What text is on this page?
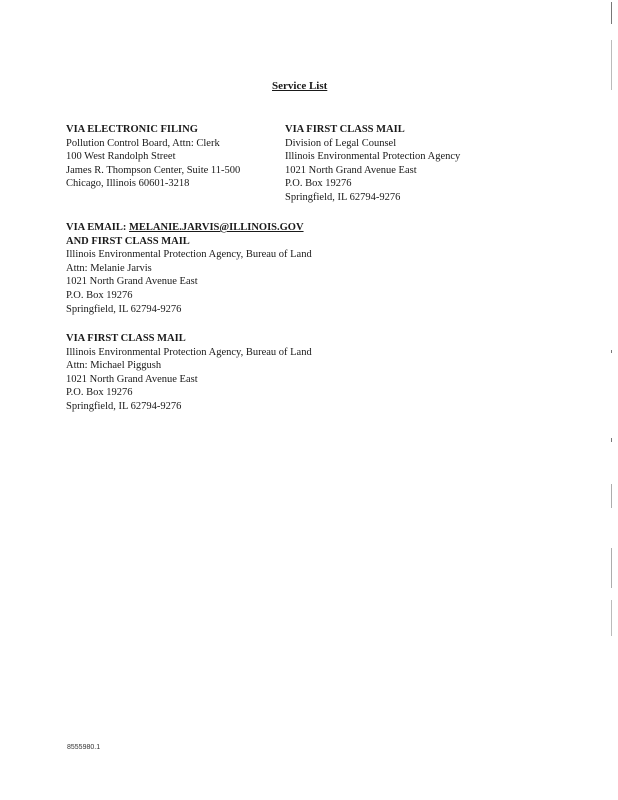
Service List
VIA ELECTRONIC FILING
Pollution Control Board, Attn: Clerk
100 West Randolph Street
James R. Thompson Center, Suite 11-500
Chicago, Illinois 60601-3218
VIA FIRST CLASS MAIL
Division of Legal Counsel
Illinois Environmental Protection Agency
1021 North Grand Avenue East
P.O. Box 19276
Springfield, IL 62794-9276
VIA EMAIL: MELANIE.JARVIS@ILLINOIS.GOV
AND FIRST CLASS MAIL
Illinois Environmental Protection Agency, Bureau of Land
Attn: Melanie Jarvis
1021 North Grand Avenue East
P.O. Box 19276
Springfield, IL 62794-9276
VIA FIRST CLASS MAIL
Illinois Environmental Protection Agency, Bureau of Land
Attn: Michael Piggush
1021 North Grand Avenue East
P.O. Box 19276
Springfield, IL 62794-9276
8555980.1
